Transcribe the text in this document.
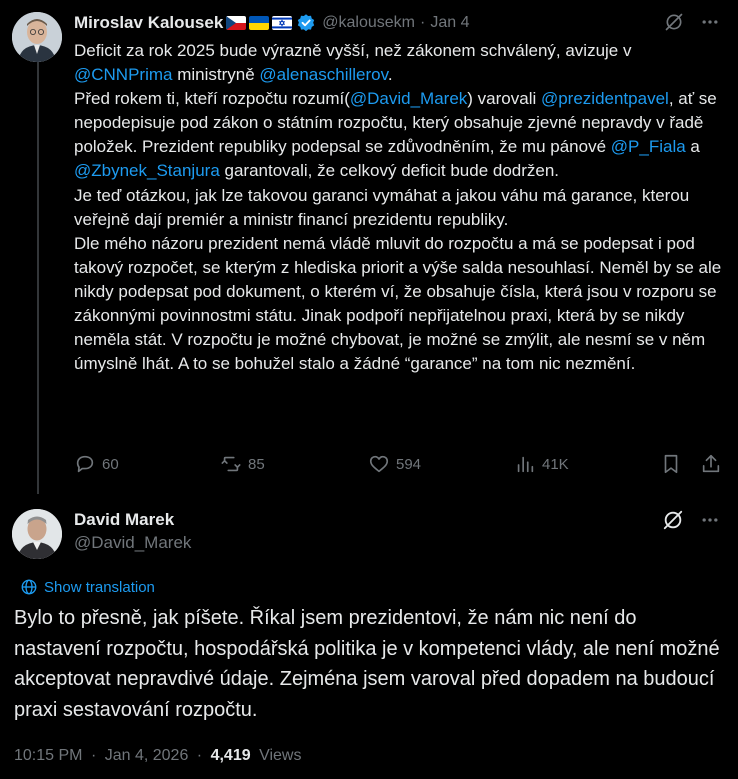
Miroslav Kalousek	@kalousekm · Jan 4

Deficit za rok 2025 bude výrazně vyšší, než zákonem schválený, avizuje v @CNNPrima ministryně @alenaschillerov.

Před rokem ti, kteří rozpočtu rozumí(@David_Marek) varovali @prezidentpavel, ať se nepodepisuje pod zákon o státním rozpočtu, který obsahuje zjevné nepravdy v řadě položek. Prezident republiky podepsal se zdůvodněním, že mu pánové @P_Fiala a @Zbynek_Stanjura garantovali, že celkový deficit bude dodržen.

Je teď otázkou, jak lze takovou garanci vymáhat a jakou váhu má garance, kterou veřejně dají premiér a ministr financí prezidentu republiky.

Dle mého názoru prezident nemá vládě mluvit do rozpočtu a má se podepsat i pod takový rozpočet, se kterým z hlediska priorit a výše salda nesouhlasí. Neměl by se ale nikdy podepsat pod dokument, o kterém ví, že obsahuje čísla, která jsou v rozporu se zákonnými povinnostmi státu. Jinak podpoří nepřijatelnou praxi, která by se nikdy neměla stát. V rozpočtu je možné chybovat, je možné se zmýlit, ale nesmí se v něm úmyslně lhát. A to se bohužel stalo a žádné “garance” na tom nic nezmění.

60	85	594	41K
David Marek
@David_Marek
Show translation

Bylo to přesně, jak píšete. Říkal jsem prezidentovi, že nám nic není do nastavení rozpočtu, hospodářská politika je v kompetenci vlády, ale není možné akceptovat nepravdivé údaje. Zejména jsem varoval před dopadem na budoucí praxi sestavování rozpočtu.

10:15 PM · Jan 4, 2026 · 4,419 Views
